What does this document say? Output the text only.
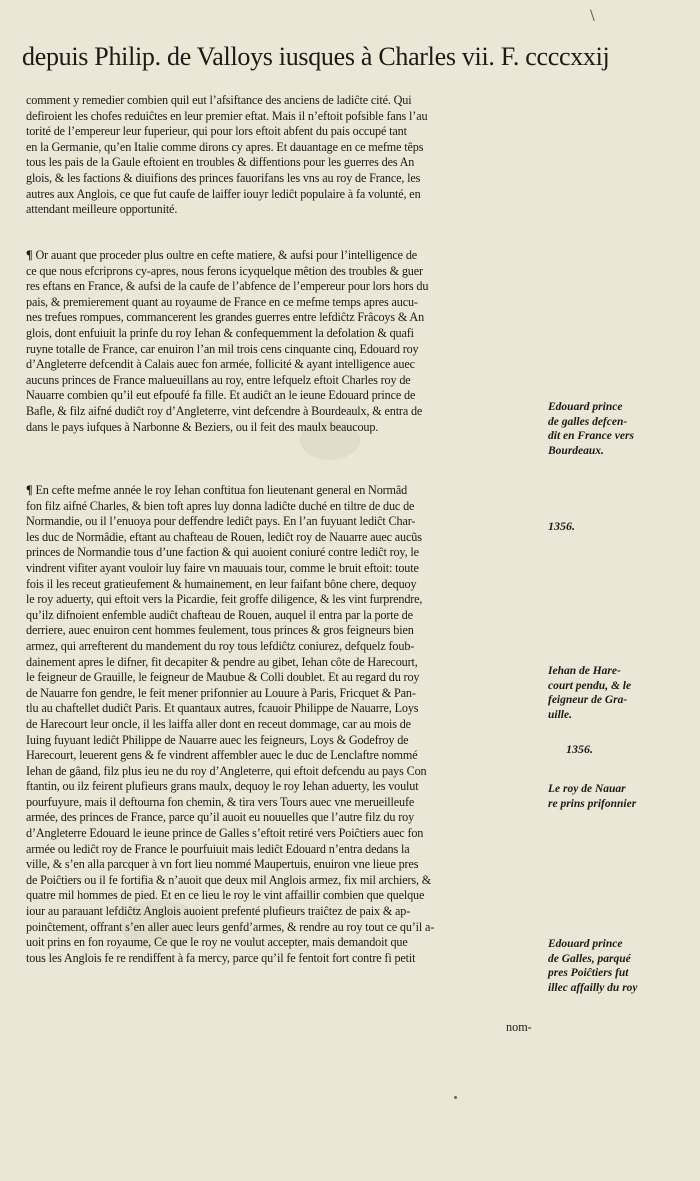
\
depuis Philip. de Valloys iusques à Charles vii. F. ccccxxij
comment y remedier combien quil eut l’afsiftance des anciens de ladiĉte cité. Qui
defiroient les chofes reduiĉtes en leur premier eftat. Mais il n’eftoit pofsible fans l’au
torité de l’empereur leur fuperieur, qui pour lors eftoit abfent du pais occupé tant
en la Germanie, qu’en Italie comme dirons cy apres. Et dauantage en ce mefme têps
tous les pais de la Gaule eftoient en troubles & diffentions pour les guerres des An
glois, & les factions & diuifions des princes fauorifans les vns au roy de France, les
autres aux Anglois, ce que fut caufe de laiffer iouyr lediĉt populaire à fa volunté, en
attendant meilleure opportunité.
¶ Or auant que proceder plus oultre en cefte matiere, & aufsi pour l’intelligence de
ce que nous efcriprons cy-apres, nous ferons icyquelque mêtion des troubles & guer
res eftans en France, & aufsi de la caufe de l’abfence de l’empereur pour lors hors du
pais, & premierement quant au royaume de France en ce mefme temps apres aucu-
nes trefues rompues, commancerent les grandes guerres entre lefdiĉtz Frâcoys & An
glois, dont enfuiuit la prinfe du roy Iehan & confequemment la defolation & quafi
ruyne totalle de France, car enuiron l’an mil trois cens cinquante cinq, Edouard roy
d’Angleterre defcendit à Calais auec fon armée, follicité & ayant intelligence auec
aucuns princes de France malueuillans au roy, entre lefquelz eftoit Charles roy de
Nauarre combien qu’il eut efpoufé fa fille. Et audiĉt an le ieune Edouard prince de
Bafle, & filz aifné dudiĉt roy d’Angleterre, vint defcendre à Bourdeaulx, & entra de
dans le pays iufques à Narbonne & Beziers, ou il feit des maulx beaucoup.
¶ En cefte mefme année le roy Iehan conftitua fon lieutenant general en Normâd
fon filz aifné Charles, & bien toft apres luy donna ladiĉte duché en tiltre de duc de
Normandie, ou il l’enuoya pour deffendre lediĉt pays. En l’an fuyuant lediĉt Char-
les duc de Normâdie, eftant au chafteau de Rouen, lediĉt roy de Nauarre auec aucũs
princes de Normandie tous d’une faction & qui auoient coniuré contre lediĉt roy, le
vindrent vifiter ayant vouloir luy faire vn mauuais tour, comme le bruit eftoit: toute
fois il les receut gratieufement & humainement, en leur faifant bône chere, dequoy
le roy aduerty, qui eftoit vers la Picardie, feit groffe diligence, & les vint furprendre,
qu’ilz difnoient enfemble audiĉt chafteau de Rouen, auquel il entra par la porte de
derriere, auec enuiron cent hommes feulement, tous princes & gros feigneurs bien
armez, qui arrefterent du mandement du roy tous lefdiĉtz coniurez, defquelz foub-
dainement apres le difner, fit decapiter & pendre au gibet, Iehan côte de Harecourt,
le feigneur de Grauille, le feigneur de Maubue & Colli doublet. Et au regard du roy
de Nauarre fon gendre, le feit mener prifonnier au Louure à Paris, Fricquet & Pan-
tlu au chaftellet dudiĉt Paris. Et quantaux autres, fcauoir Philippe de Nauarre, Loys
de Harecourt leur oncle, il les laiffa aller dont en receut dommage, car au mois de
Iuing fuyuant lediĉt Philippe de Nauarre auec les feigneurs, Loys & Godefroy de
Harecourt, leuerent gens & fe vindrent affembler auec le duc de Lenclaftre nommé
Iehan de gâand, filz plus ieu ne du roy d’Angleterre, qui eftoit defcendu au pays Con
ftantin, ou ilz feirent plufieurs grans maulx, dequoy le roy Iehan aduerty, les voulut
pourfuyure, mais il deftourna fon chemin, & tira vers Tours auec vne merueilleufe
armée, des princes de France, parce qu’il auoit eu nouuelles que l’autre filz du roy
d’Angleterre Edouard le ieune prince de Galles s’eftoit retiré vers Poiĉtiers auec fon
armée ou lediĉt roy de France le pourfuiuit mais lediĉt Edouard n’entra dedans la
ville, & s’en alla parcquer à vn fort lieu nommé Maupertuis, enuiron vne lieue pres
de Poiĉtiers ou il fe fortifia & n’auoit que deux mil Anglois armez, fix mil archiers, &
quatre mil hommes de pied. Et en ce lieu le roy le vint affaillir combien que quelque
iour au parauant lefdiĉtz Anglois auoient prefenté plufieurs traiĉtez de paix & ap-
poinĉtement, offrant s’en aller auec leurs genfd’armes, & rendre au roy tout ce qu’il a-
uoit prins en fon royaume, Ce que le roy ne voulut accepter, mais demandoit que
tous les Anglois fe re rendiffent à fa mercy, parce qu’il fe fentoit fort contre fi petit
nom-
Edouard prince
de galles defcen-
dit en France vers
Bourdeaux.
1356.
Iehan de Hare-
court pendu, & le
feigneur de Gra-
uille.
1356.
Le roy de Nauar
re prins prifonnier
Edouard prince
de Galles, parqué
pres Poiĉtiers fut
illec affailly du roy
